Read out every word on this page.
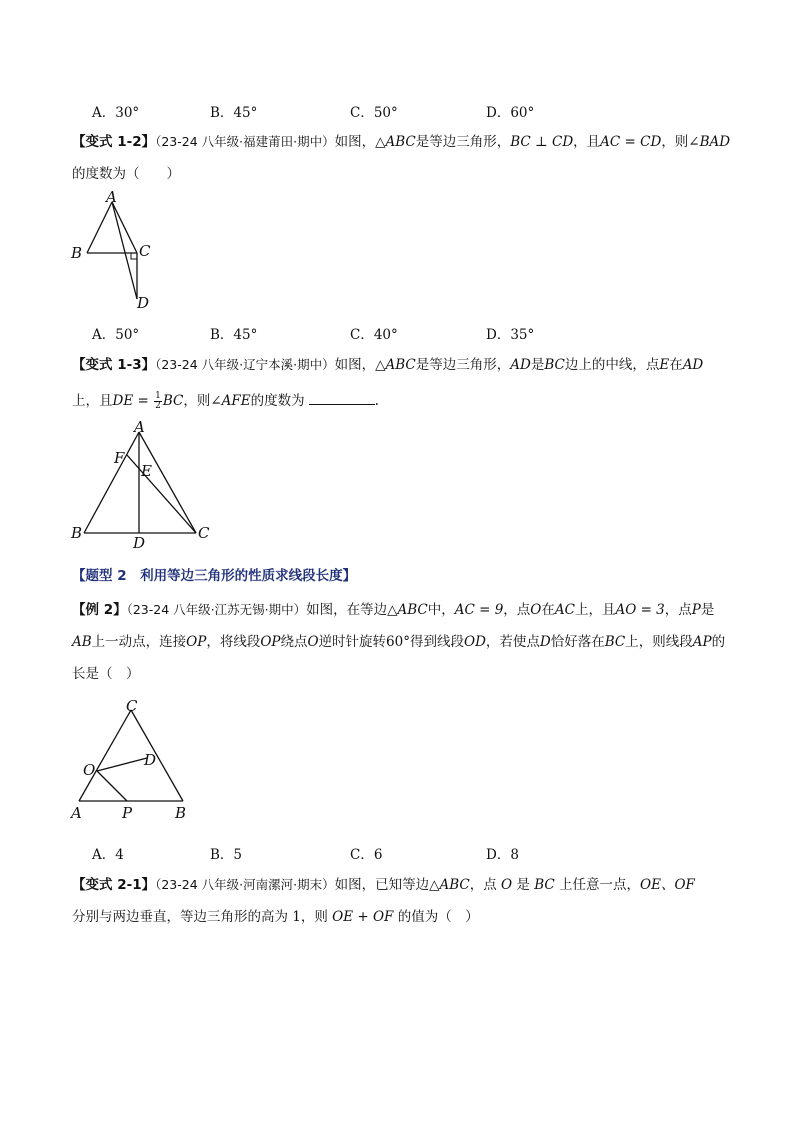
A．30°	B．45°	C．50°	D．60°
【变式 1-2】（23-24 八年级·福建莆田·期中）如图，△ABC是等边三角形，BC ⊥ CD，且AC = CD，则∠BAD
的度数为（　　）
A
B	C
D
A．50°	B．45°	C．40°	D．35°
【变式 1-3】（23-24 八年级·辽宁本溪·期中）如图，△ABC是等边三角形，AD是BC边上的中线，点E在AD
上，且DE = $\frac{1}{2}$ BC，则∠AFE的度数为	.
A
F
E
B
D
C
【题型 2　利用等边三角形的性质求线段长度】
【例 2】（23-24 八年级·江苏无锡·期中）如图，在等边△ABC中，AC = 9，点O在AC上，且AO = 3，点P是
AB上一动点，连接OP，将线段OP绕点O逆时针旋转60°得到线段OD，若使点D恰好落在BC上，则线段AP的
长是（　）
C
D
O
A	P	B
A．4	B．5	C．6	D．8
【变式 2-1】（23-24 八年级·河南漯河·期末）如图，已知等边△ABC，点 O 是 BC 上任意一点，OE、OF
分别与两边垂直，等边三角形的高为 1，则 OE + OF 的值为（　）
